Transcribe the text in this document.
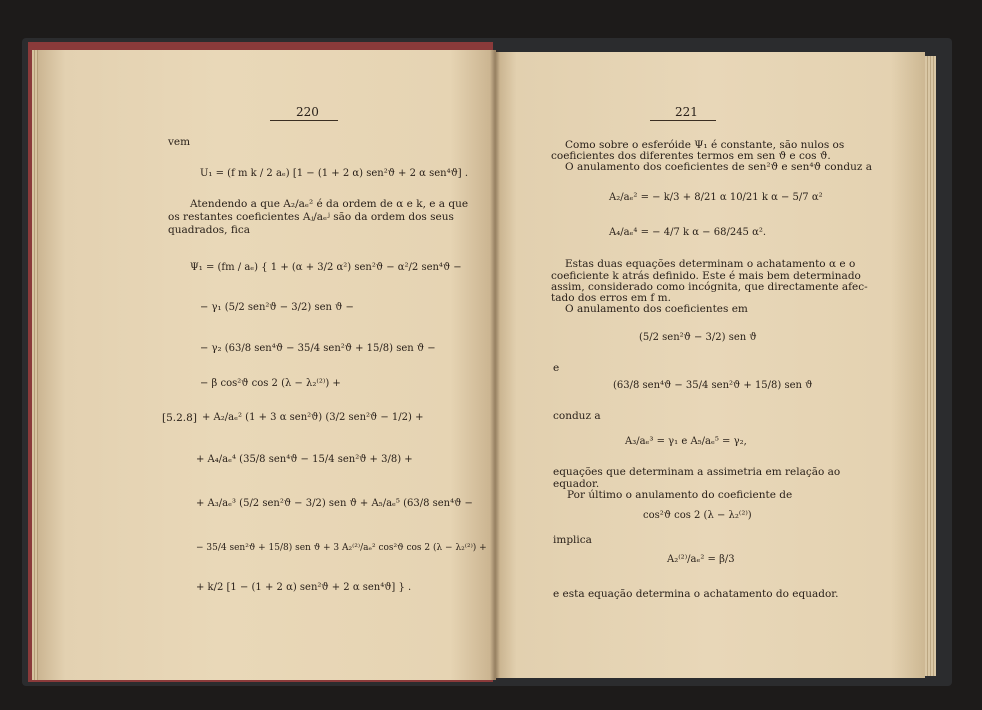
220
vem
U₁ = (f m k / 2 aₑ) [1 − (1 + 2 α) sen²ϑ + 2 α sen⁴ϑ] .
Atendendo a que A₂/aₑ² é da ordem de α e k, e a que
os restantes coeficientes Aⱼ/aₑʲ são da ordem dos seus
quadrados, fica
Ψ₁ = (fm / aₑ) { 1 + (α + 3/2 α²) sen²ϑ − α²/2 sen⁴ϑ −
− γ₁ (5/2 sen²ϑ − 3/2) sen ϑ −
− γ₂ (63/8 sen⁴ϑ − 35/4 sen²ϑ + 15/8) sen ϑ −
− β cos²ϑ cos 2 (λ − λ₂⁽²⁾) +
[5.2.8] + A₂/aₑ² (1 + 3 α sen²ϑ) (3/2 sen²ϑ − 1/2) +
+ A₄/aₑ⁴ (35/8 sen⁴ϑ − 15/4 sen²ϑ + 3/8) +
+ A₃/aₑ³ (5/2 sen²ϑ − 3/2) sen ϑ + A₅/aₑ⁵ (63/8 sen⁴ϑ −
− 35/4 sen²ϑ + 15/8) sen ϑ + 3 A₂⁽²⁾/aₑ² cos²ϑ cos 2 (λ − λ₂⁽²⁾) +
+ k/2 [1 − (1 + 2 α) sen²ϑ + 2 α sen⁴ϑ] } .
221
Como sobre o esferóide Ψ₁ é constante, são nulos os
coeficientes dos diferentes termos em sen ϑ e cos ϑ.
O anulamento dos coeficientes de sen²ϑ e sen⁴ϑ conduz a
A₂/aₑ² = − k/3 + 8/21 α 10/21 k α − 5/7 α²
A₄/aₑ⁴ = − 4/7 k α − 68/245 α².
Estas duas equações determinam o achatamento α e o
coeficiente k atrás definido. Este é mais bem determinado
assim, considerado como incógnita, que directamente afec-
tado dos erros em f m.
O anulamento dos coeficientes em
(5/2 sen²ϑ − 3/2) sen ϑ
e
(63/8 sen⁴ϑ − 35/4 sen²ϑ + 15/8) sen ϑ
conduz a
A₃/aₑ³ = γ₁ e A₅/aₑ⁵ = γ₂,
equações que determinam a assimetria em relação ao
equador.
Por último o anulamento do coeficiente de
cos²ϑ cos 2 (λ − λ₂⁽²⁾)
implica
A₂⁽²⁾/aₑ² = β/3
e esta equação determina o achatamento do equador.
